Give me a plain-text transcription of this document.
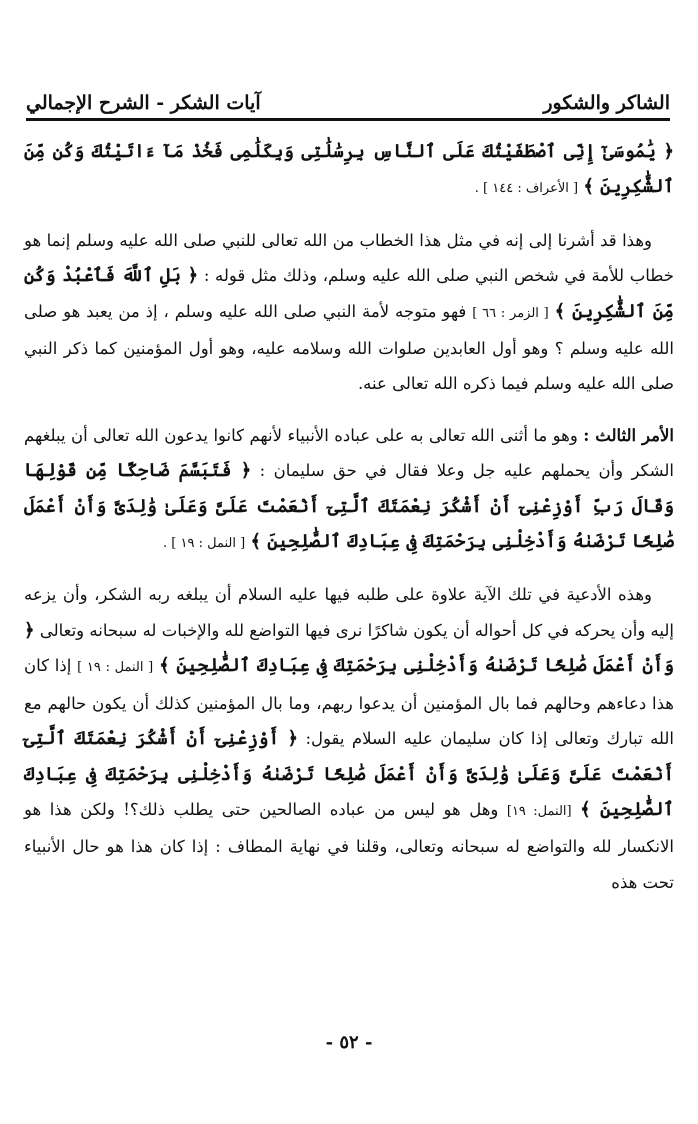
الشاكر والشكور
آيات الشكر - الشرح الإجمالي

﴿ يَٰمُوسَىٰٓ إِنِّى ٱصْطَفَيْتُكَ عَلَى ٱلنَّاسِ بِرِسَٰلَٰتِى وَبِكَلَٰمِى فَخُذْ مَآ ءَاتَيْتُكَ وَكُن مِّنَ ٱلشَّٰكِرِينَ ﴾ [ الأعراف : ١٤٤ ] .

وهذا قد أشرنا إلى إنه في مثل هذا الخطاب من الله تعالى للنبي صلى الله عليه وسلم إنما هو خطاب للأمة في شخص النبي صلى الله عليه وسلم، وذلك مثل قوله : ﴿ بَلِ ٱللَّهَ فَٱعْبُدْ وَكُن مِّنَ ٱلشَّٰكِرِينَ ﴾ [ الزمر : ٦٦ ] فهو متوجه لأمة النبي صلى الله عليه وسلم ، إذ من يعبد هو صلى الله عليه وسلم ؟ وهو أول العابدين صلوات الله وسلامه عليه، وهو أول المؤمنين كما ذكر النبي صلى الله عليه وسلم فيما ذكره الله تعالى عنه.

الأمر الثالث : وهو ما أثنى الله تعالى به على عباده الأنبياء لأنهم كانوا يدعون الله تعالى أن يبلغهم الشكر وأن يحملهم عليه جل وعلا فقال في حق سليمان : ﴿ فَتَبَسَّمَ ضَاحِكًا مِّن قَوْلِهَا وَقَالَ رَبِّ أَوْزِعْنِىٓ أَنْ أَشْكُرَ نِعْمَتَكَ ٱلَّتِىٓ أَنْعَمْتَ عَلَىَّ وَعَلَىٰ وَٰلِدَىَّ وَأَنْ أَعْمَلَ صَٰلِحًا تَرْضَىٰهُ وَأَدْخِلْنِى بِرَحْمَتِكَ فِى عِبَادِكَ ٱلصَّٰلِحِينَ ﴾ [ النمل : ١٩ ] .

وهذه الأدعية في تلك الآية علاوة على طلبه فيها عليه السلام أن يبلغه ربه الشكر، وأن يزعه إليه وأن يحركه في كل أحواله أن يكون شاكرًا نرى فيها التواضع لله والإخبات له سبحانه وتعالى ﴿ وَأَنْ أَعْمَلَ صَٰلِحًا تَرْضَىٰهُ وَأَدْخِلْنِى بِرَحْمَتِكَ فِى عِبَادِكَ ٱلصَّٰلِحِينَ ﴾ [ النمل : ١٩ ] إذا كان هذا دعاءهم وحالهم فما بال المؤمنين أن يدعوا ربهم، وما بال المؤمنين كذلك أن يكون حالهم مع الله تبارك وتعالى إذا كان سليمان عليه السلام يقول: ﴿ أَوْزِعْنِىٓ أَنْ أَشْكُرَ نِعْمَتَكَ ٱلَّتِىٓ أَنْعَمْتَ عَلَىَّ وَعَلَىٰ وَٰلِدَىَّ وَأَنْ أَعْمَلَ صَٰلِحًا تَرْضَىٰهُ وَأَدْخِلْنِى بِرَحْمَتِكَ فِى عِبَادِكَ ٱلصَّٰلِحِينَ ﴾ [النمل: ١٩] وهل هو ليس من عباده الصالحين حتى يطلب ذلك؟! ولكن هذا هو الانكسار لله والتواضع له سبحانه وتعالى، وقلنا في نهاية المطاف : إذا كان هذا هو حال الأنبياء تحت هذه

- ٥٢ -
